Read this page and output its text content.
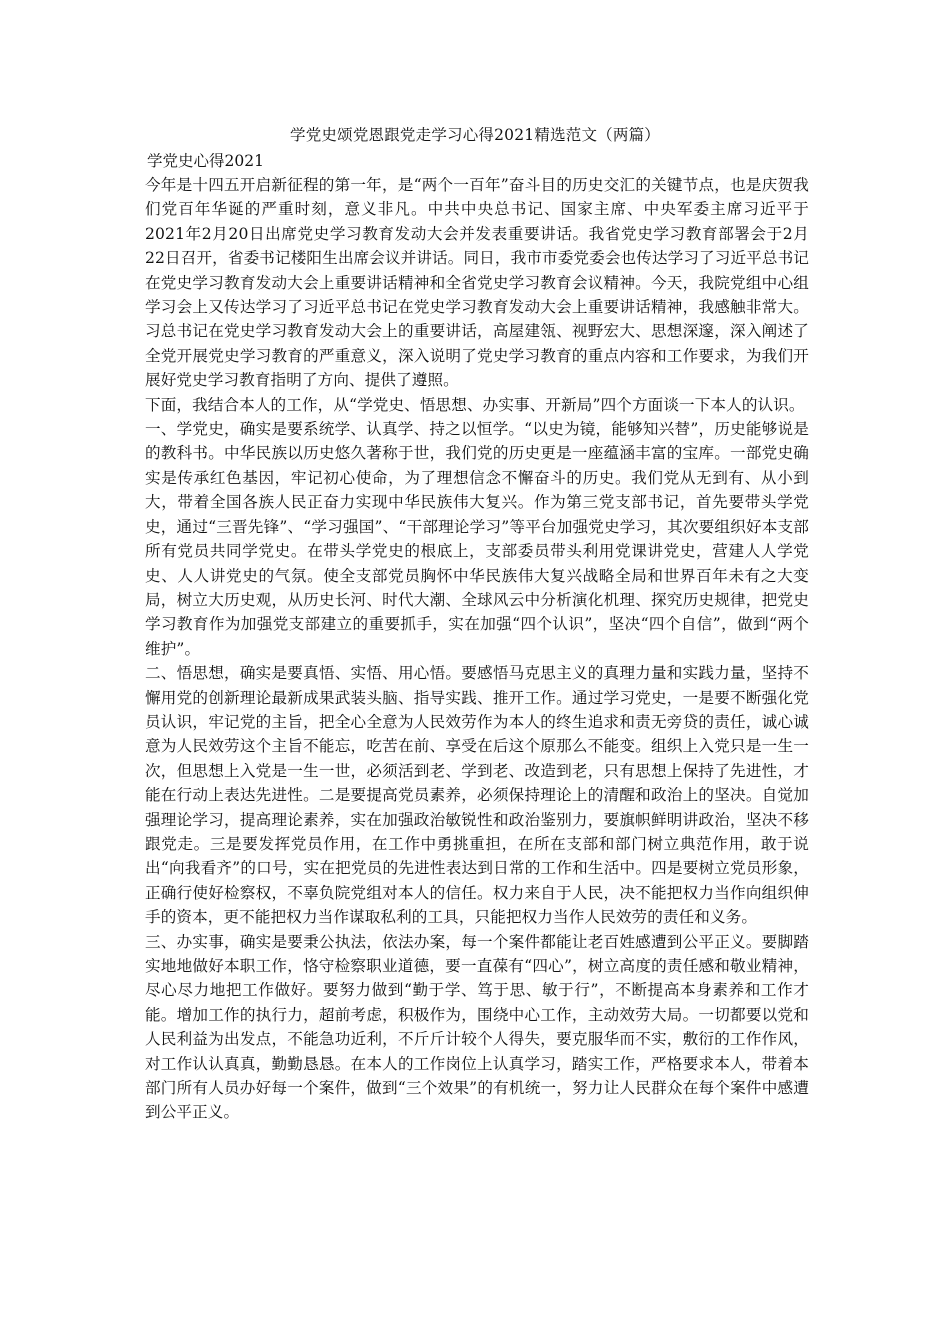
学党史颂党恩跟党走学习心得2021精选范文（两篇）
学党史心得2021

今年是十四五开启新征程的第一年，是“两个一百年”奋斗目的历史交汇的关键节点，也是庆贺我们党百年华诞的严重时刻，意义非凡。中共中央总书记、国家主席、中央军委主席习近平于2021年2月20日出席党史学习教育发动大会并发表重要讲话。我省党史学习教育部署会于2月22日召开，省委书记楼阳生出席会议并讲话。同日，我市市委党委会也传达学习了习近平总书记在党史学习教育发动大会上重要讲话精神和全省党史学习教育会议精神。今天，我院党组中心组学习会上又传达学习了习近平总书记在党史学习教育发动大会上重要讲话精神，我感触非常大。习总书记在党史学习教育发动大会上的重要讲话，高屋建瓴、视野宏大、思想深邃，深入阐述了全党开展党史学习教育的严重意义，深入说明了党史学习教育的重点内容和工作要求，为我们开展好党史学习教育指明了方向、提供了遵照。

下面，我结合本人的工作，从“学党史、悟思想、办实事、开新局”四个方面谈一下本人的认识。

一、学党史，确实是要系统学、认真学、持之以恒学。“以史为镜，能够知兴替”，历史能够说是的教科书。中华民族以历史悠久著称于世，我们党的历史更是一座蕴涵丰富的宝库。一部党史确实是传承红色基因，牢记初心使命，为了理想信念不懈奋斗的历史。我们党从无到有、从小到大，带着全国各族人民正奋力实现中华民族伟大复兴。作为第三党支部书记，首先要带头学党史，通过“三晋先锋”、“学习强国”、“干部理论学习”等平台加强党史学习，其次要组织好本支部所有党员共同学党史。在带头学党史的根底上，支部委员带头利用党课讲党史，营建人人学党史、人人讲党史的气氛。使全支部党员胸怀中华民族伟大复兴战略全局和世界百年未有之大变局，树立大历史观，从历史长河、时代大潮、全球风云中分析演化机理、探究历史规律，把党史学习教育作为加强党支部建立的重要抓手，实在加强“四个认识”，坚决“四个自信”，做到“两个维护”。

二、悟思想，确实是要真悟、实悟、用心悟。要感悟马克思主义的真理力量和实践力量，坚持不懈用党的创新理论最新成果武装头脑、指导实践、推开工作。通过学习党史，一是要不断强化党员认识，牢记党的主旨，把全心全意为人民效劳作为本人的终生追求和责无旁贷的责任，诚心诚意为人民效劳这个主旨不能忘，吃苦在前、享受在后这个原那么不能变。组织上入党只是一生一次，但思想上入党是一生一世，必须活到老、学到老、改造到老，只有思想上保持了先进性，才能在行动上表达先进性。二是要提高党员素养，必须保持理论上的清醒和政治上的坚决。自觉加强理论学习，提高理论素养，实在加强政治敏锐性和政治鉴别力，要旗帜鲜明讲政治，坚决不移跟党走。三是要发挥党员作用，在工作中勇挑重担，在所在支部和部门树立典范作用，敢于说出“向我看齐”的口号，实在把党员的先进性表达到日常的工作和生活中。四是要树立党员形象，正确行使好检察权，不辜负院党组对本人的信任。权力来自于人民，决不能把权力当作向组织伸手的资本，更不能把权力当作谋取私利的工具，只能把权力当作人民效劳的责任和义务。

三、办实事，确实是要秉公执法，依法办案，每一个案件都能让老百姓感遭到公平正义。要脚踏实地地做好本职工作，恪守检察职业道德，要一直葆有“四心”，树立高度的责任感和敬业精神，尽心尽力地把工作做好。要努力做到“勤于学、笃于思、敏于行”，不断提高本身素养和工作才能。增加工作的执行力，超前考虑，积极作为，围绕中心工作，主动效劳大局。一切都要以党和人民利益为出发点，不能急功近利，不斤斤计较个人得失，要克服华而不实，敷衍的工作作风，对工作认认真真，勤勤恳恳。在本人的工作岗位上认真学习，踏实工作，严格要求本人，带着本部门所有人员办好每一个案件，做到“三个效果”的有机统一，努力让人民群众在每个案件中感遭到公平正义。
